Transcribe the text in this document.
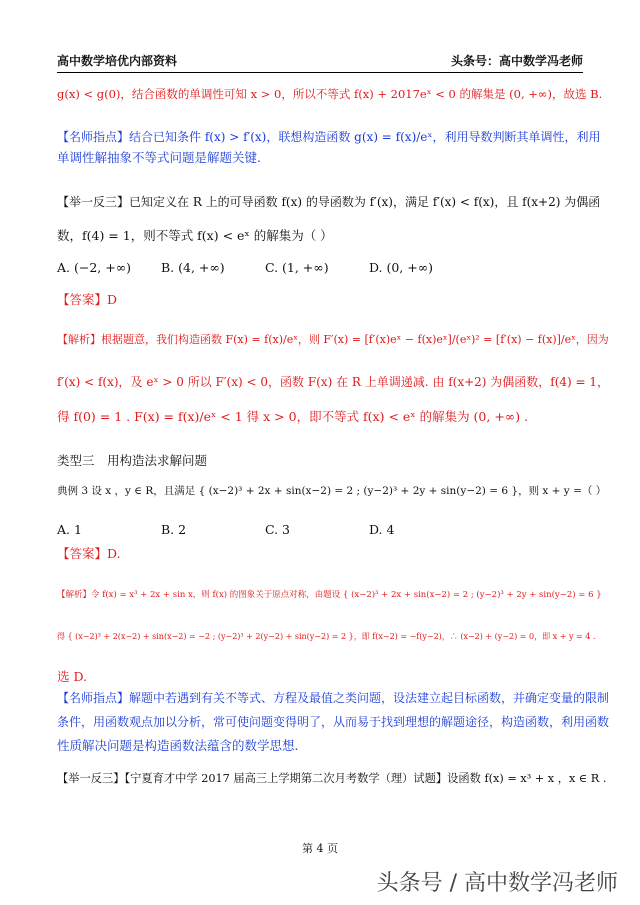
高中数学培优内部资料	头条号：高中数学冯老师
g(x) < g(0)，结合函数的单调性可知 x > 0，所以不等式 f(x) + 2017eˣ < 0 的解集是 (0, +∞)，故选 B.
【名师指点】结合已知条件 f(x) > f′(x)，联想构造函数 g(x) = f(x)/eˣ，利用导数判断其单调性，利用
单调性解抽象不等式问题是解题关键.
【举一反三】已知定义在 R 上的可导函数 f(x) 的导函数为 f′(x)，满足 f′(x) < f(x)，且 f(x+2) 为偶函
数，f(4) = 1，则不等式 f(x) < eˣ 的解集为（ ）
【答案】D
【解析】根据题意，我们构造函数 F(x) = f(x)/eˣ，则 F′(x) = [f′(x)eˣ − f(x)eˣ]/(eˣ)² = [f′(x) − f(x)]/eˣ，因为
f′(x) < f(x)，及 eˣ > 0 所以 F′(x) < 0，函数 F(x) 在 R 上单调递减. 由 f(x+2) 为偶函数，f(4) = 1，
得 f(0) = 1 . F(x) = f(x)/eˣ < 1 得 x > 0，即不等式 f(x) < eˣ 的解集为 (0, +∞) .
类型三　用构造法求解问题
典例 3 设 x ，y ∈ R，且满足 { (x−2)³ + 2x + sin(x−2) = 2 ; (y−2)³ + 2y + sin(y−2) = 6 }，则 x + y =（ ）
【答案】D.
【解析】令 f(x) = x³ + 2x + sin x，则 f(x) 的图象关于原点对称，由题设 { (x−2)³ + 2x + sin(x−2) = 2 ; (y−2)³ + 2y + sin(y−2) = 6 }
得 { (x−2)³ + 2(x−2) + sin(x−2) = −2 ; (y−2)³ + 2(y−2) + sin(y−2) = 2 }，即 f(x−2) = −f(y−2)，∴ (x−2) + (y−2) = 0，即 x + y = 4 .
选 D.
【名师指点】解题中若遇到有关不等式、方程及最值之类问题，设法建立起目标函数，并确定变量的限制
条件，用函数观点加以分析，常可使问题变得明了，从而易于找到理想的解题途径，构造函数，利用函数
性质解决问题是构造函数法蕴含的数学思想.
【举一反三】【宁夏育才中学 2017 届高三上学期第二次月考数学（理）试题】设函数 f(x) = x³ + x ，x ∈ R .
A. (−2, +∞) B. (4, +∞)	C. (1, +∞)	D. (0, +∞)
A. 1	B. 2	C. 3	D. 4
第 4 页
头条号 / 高中数学冯老师
